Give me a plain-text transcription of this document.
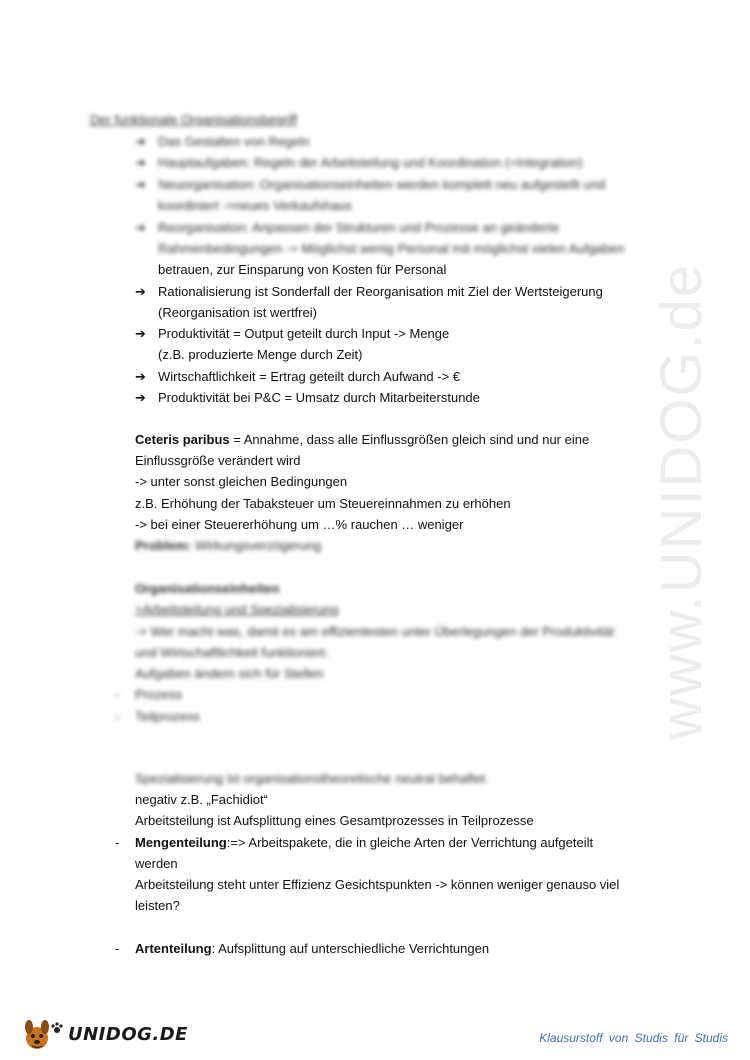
www.UNIDOG.de
Der funktionale Organisationsbegriff
➔ Das Gestalten von Regeln
➔ Hauptaufgaben: Regeln der Arbeitsteilung und Koordination (=Integration)
➔ Neuorganisation: Organisationseinheiten werden komplett neu aufgestellt und
koordiniert ->neues Verkaufshaus
➔ Reorganisation: Anpassen der Strukturen und Prozesse an geänderte
Rahmenbedingungen -> Möglichst wenig Personal mit möglichst vielen Aufgaben
betrauen, zur Einsparung von Kosten für Personal
➔ Rationalisierung ist Sonderfall der Reorganisation mit Ziel der Wertsteigerung
(Reorganisation ist wertfrei)
➔ Produktivität = Output geteilt durch Input -> Menge
(z.B. produzierte Menge durch Zeit)
➔ Wirtschaftlichkeit = Ertrag geteilt durch Aufwand -> €
➔ Produktivität bei P&C = Umsatz durch Mitarbeiterstunde
Ceteris paribus = Annahme, dass alle Einflussgrößen gleich sind und nur eine
Einflussgröße verändert wird
-> unter sonst gleichen Bedingungen
z.B. Erhöhung der Tabaksteuer um Steuereinnahmen zu erhöhen
-> bei einer Steuererhöhung um …% rauchen … weniger
Problem: Wirkungsverzögerung
Organisationseinheiten
>Arbeitsteilung und Spezialisierung
-> Wer macht was, damit es am effizientesten unter Überlegungen der Produktivität
und Wirtschaftlichkeit funktioniert.
Aufgaben ändern sich für Stellen
- Prozess
- Teilprozess
Spezialisierung ist organisationstheoretische neutral behaftet
negativ z.B. „Fachidiot“
Arbeitsteilung ist Aufsplittung eines Gesamtprozesses in Teilprozesse
- Mengenteilung:=> Arbeitspakete, die in gleiche Arten der Verrichtung aufgeteilt
werden
Arbeitsteilung steht unter Effizienz Gesichtspunkten -> können weniger genauso viel
leisten?
- Artenteilung: Aufsplittung auf unterschiedliche Verrichtungen
UNIDOG.DE	Klausurstoff von Studis für Studis
